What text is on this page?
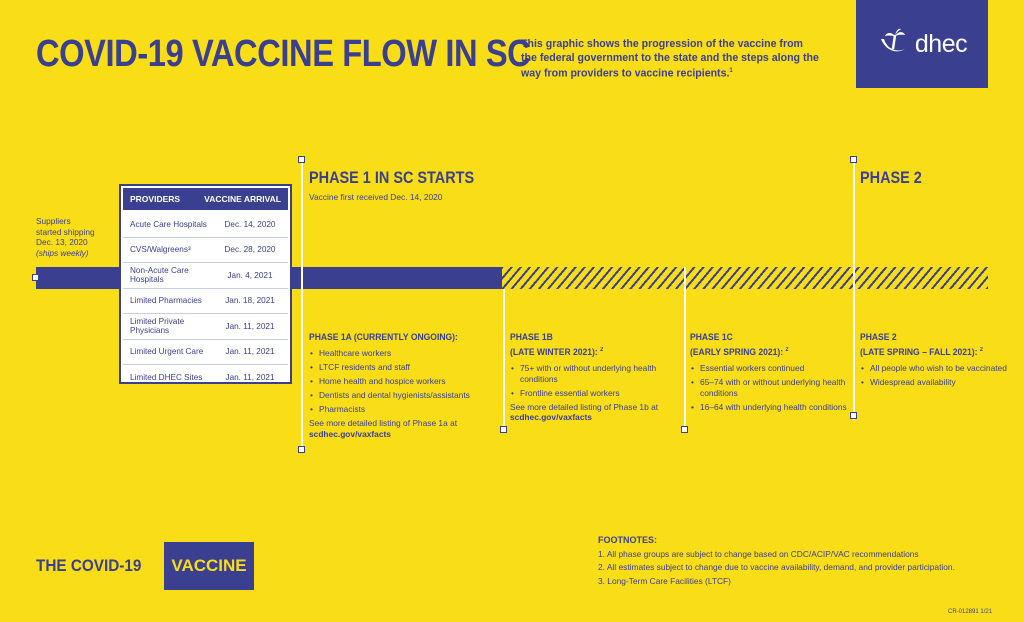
COVID-19 VACCINE FLOW IN SC
This graphic shows the progression of the vaccine from the federal government to the state and the steps along the way from providers to vaccine recipients.$^1$
dhec
Suppliers
started shipping
Dec. 13, 2020
(ships weekly)
PROVIDERS	VACCINE ARRIVAL
Acute Care Hospitals	Dec. 14, 2020
CVS/Walgreens³	Dec. 28, 2020
Non-Acute Care Hospitals	Jan. 4, 2021
Limited Pharmacies	Jan. 18, 2021
Limited Private Physicians	Jan. 11, 2021
Limited Urgent Care	Jan. 11, 2021
Limited DHEC Sites	Jan. 11, 2021
PHASE 1 IN SC STARTS
Vaccine first received Dec. 14, 2020
PHASE 2
PHASE 1A (CURRENTLY ONGOING):
• Healthcare workers
• LTCF residents and staff
• Home health and hospice workers
• Dentists and dental hygienists/assistants
• Pharmacists
See more detailed listing of Phase 1a at
scdhec.gov/vaxfacts
PHASE 1B
(LATE WINTER 2021): $^2$
• 75+ with or without underlying health conditions
• Frontline essential workers
See more detailed listing of Phase 1b at scdhec.gov/vaxfacts
PHASE 1C
(EARLY SPRING 2021): $^2$
• Essential workers continued
• 65–74 with or without underlying health conditions
• 16–64 with underlying health conditions
PHASE 2
(LATE SPRING – FALL 2021): $^2$
• All people who wish to be vaccinated
• Widespread availability
THE COVID-19	VACCINE
FOOTNOTES:
1. All phase groups are subject to change based on CDC/ACIP/VAC recommendations
2. All estimates subject to change due to vaccine availability, demand, and provider participation.
3. Long-Term Care Facilities (LTCF)
CR-012891 1/21
